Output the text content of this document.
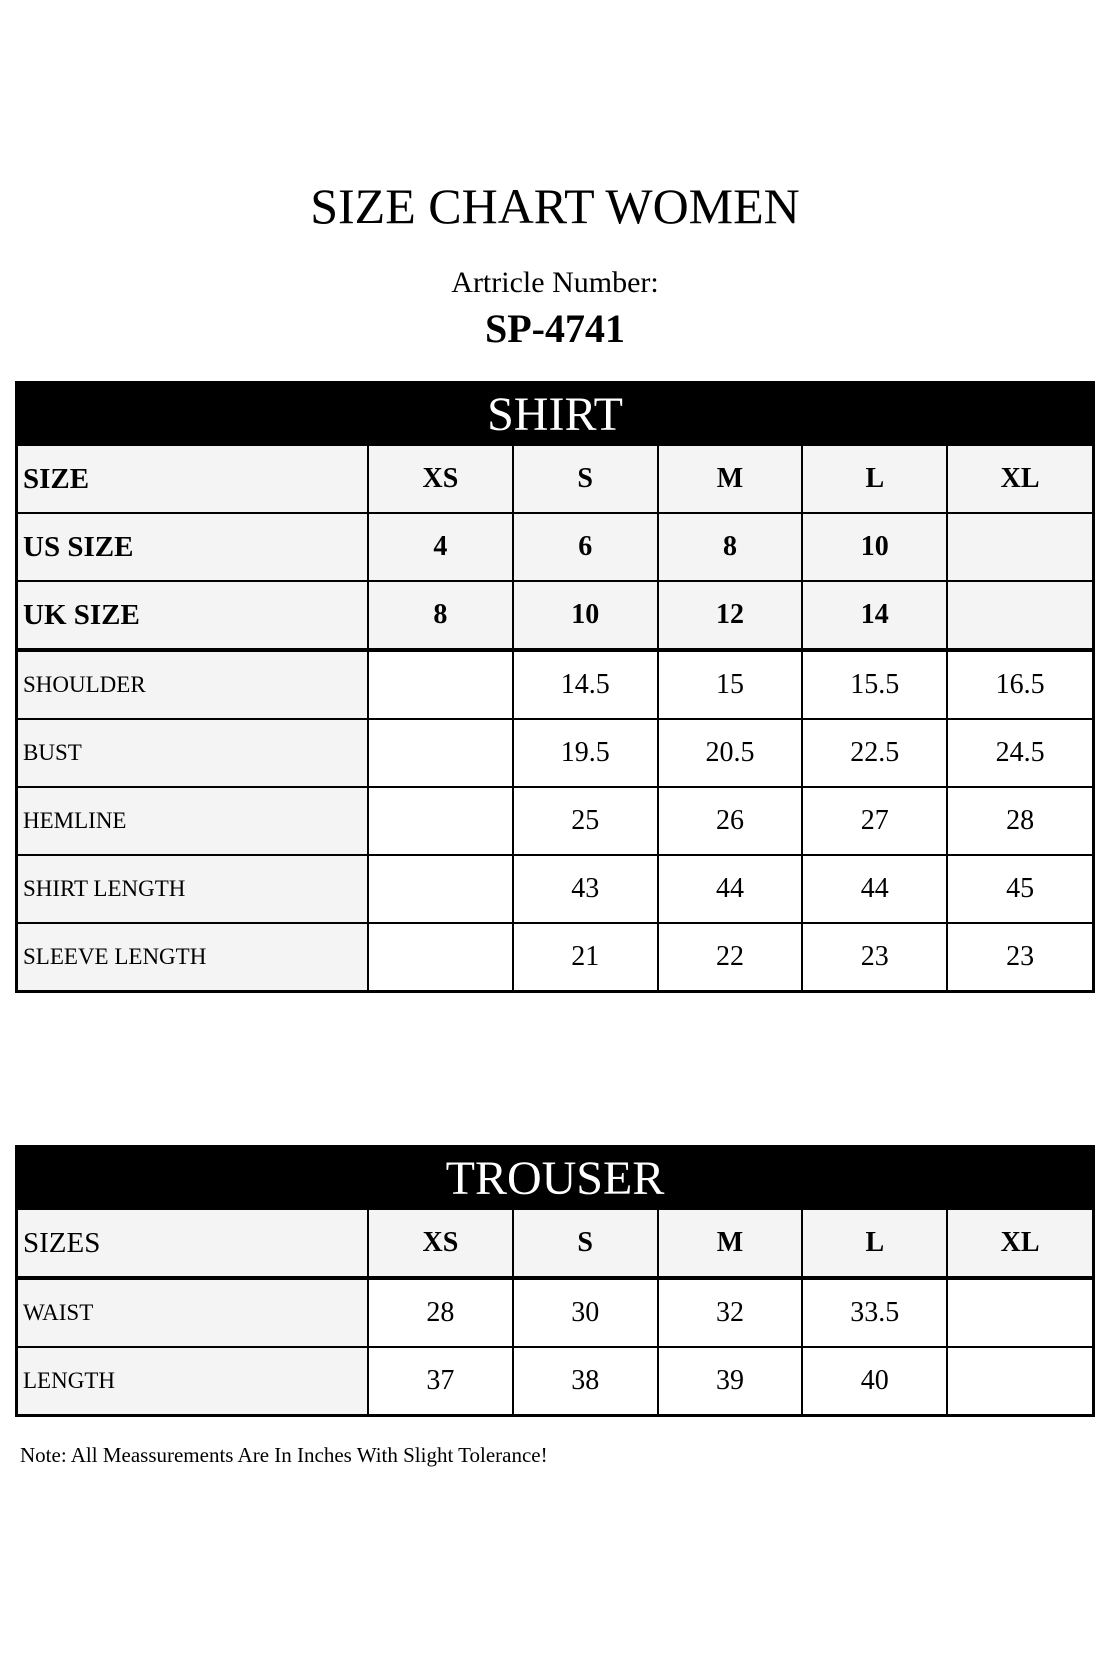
SIZE CHART WOMEN
Artricle Number:
SP-4741
SHIRT
SIZE	XS	S	M	L	XL
US SIZE	4	6	8	10	
UK SIZE	8	10	12	14	
SHOULDER		14.5	15	15.5	16.5
BUST		19.5	20.5	22.5	24.5
HEMLINE		25	26	27	28
SHIRT LENGTH		43	44	44	45
SLEEVE LENGTH		21	22	23	23
TROUSER
SIZES	XS	S	M	L	XL
WAIST	28	30	32	33.5	
LENGTH	37	38	39	40	
Note: All Meassurements Are In Inches With Slight Tolerance!
